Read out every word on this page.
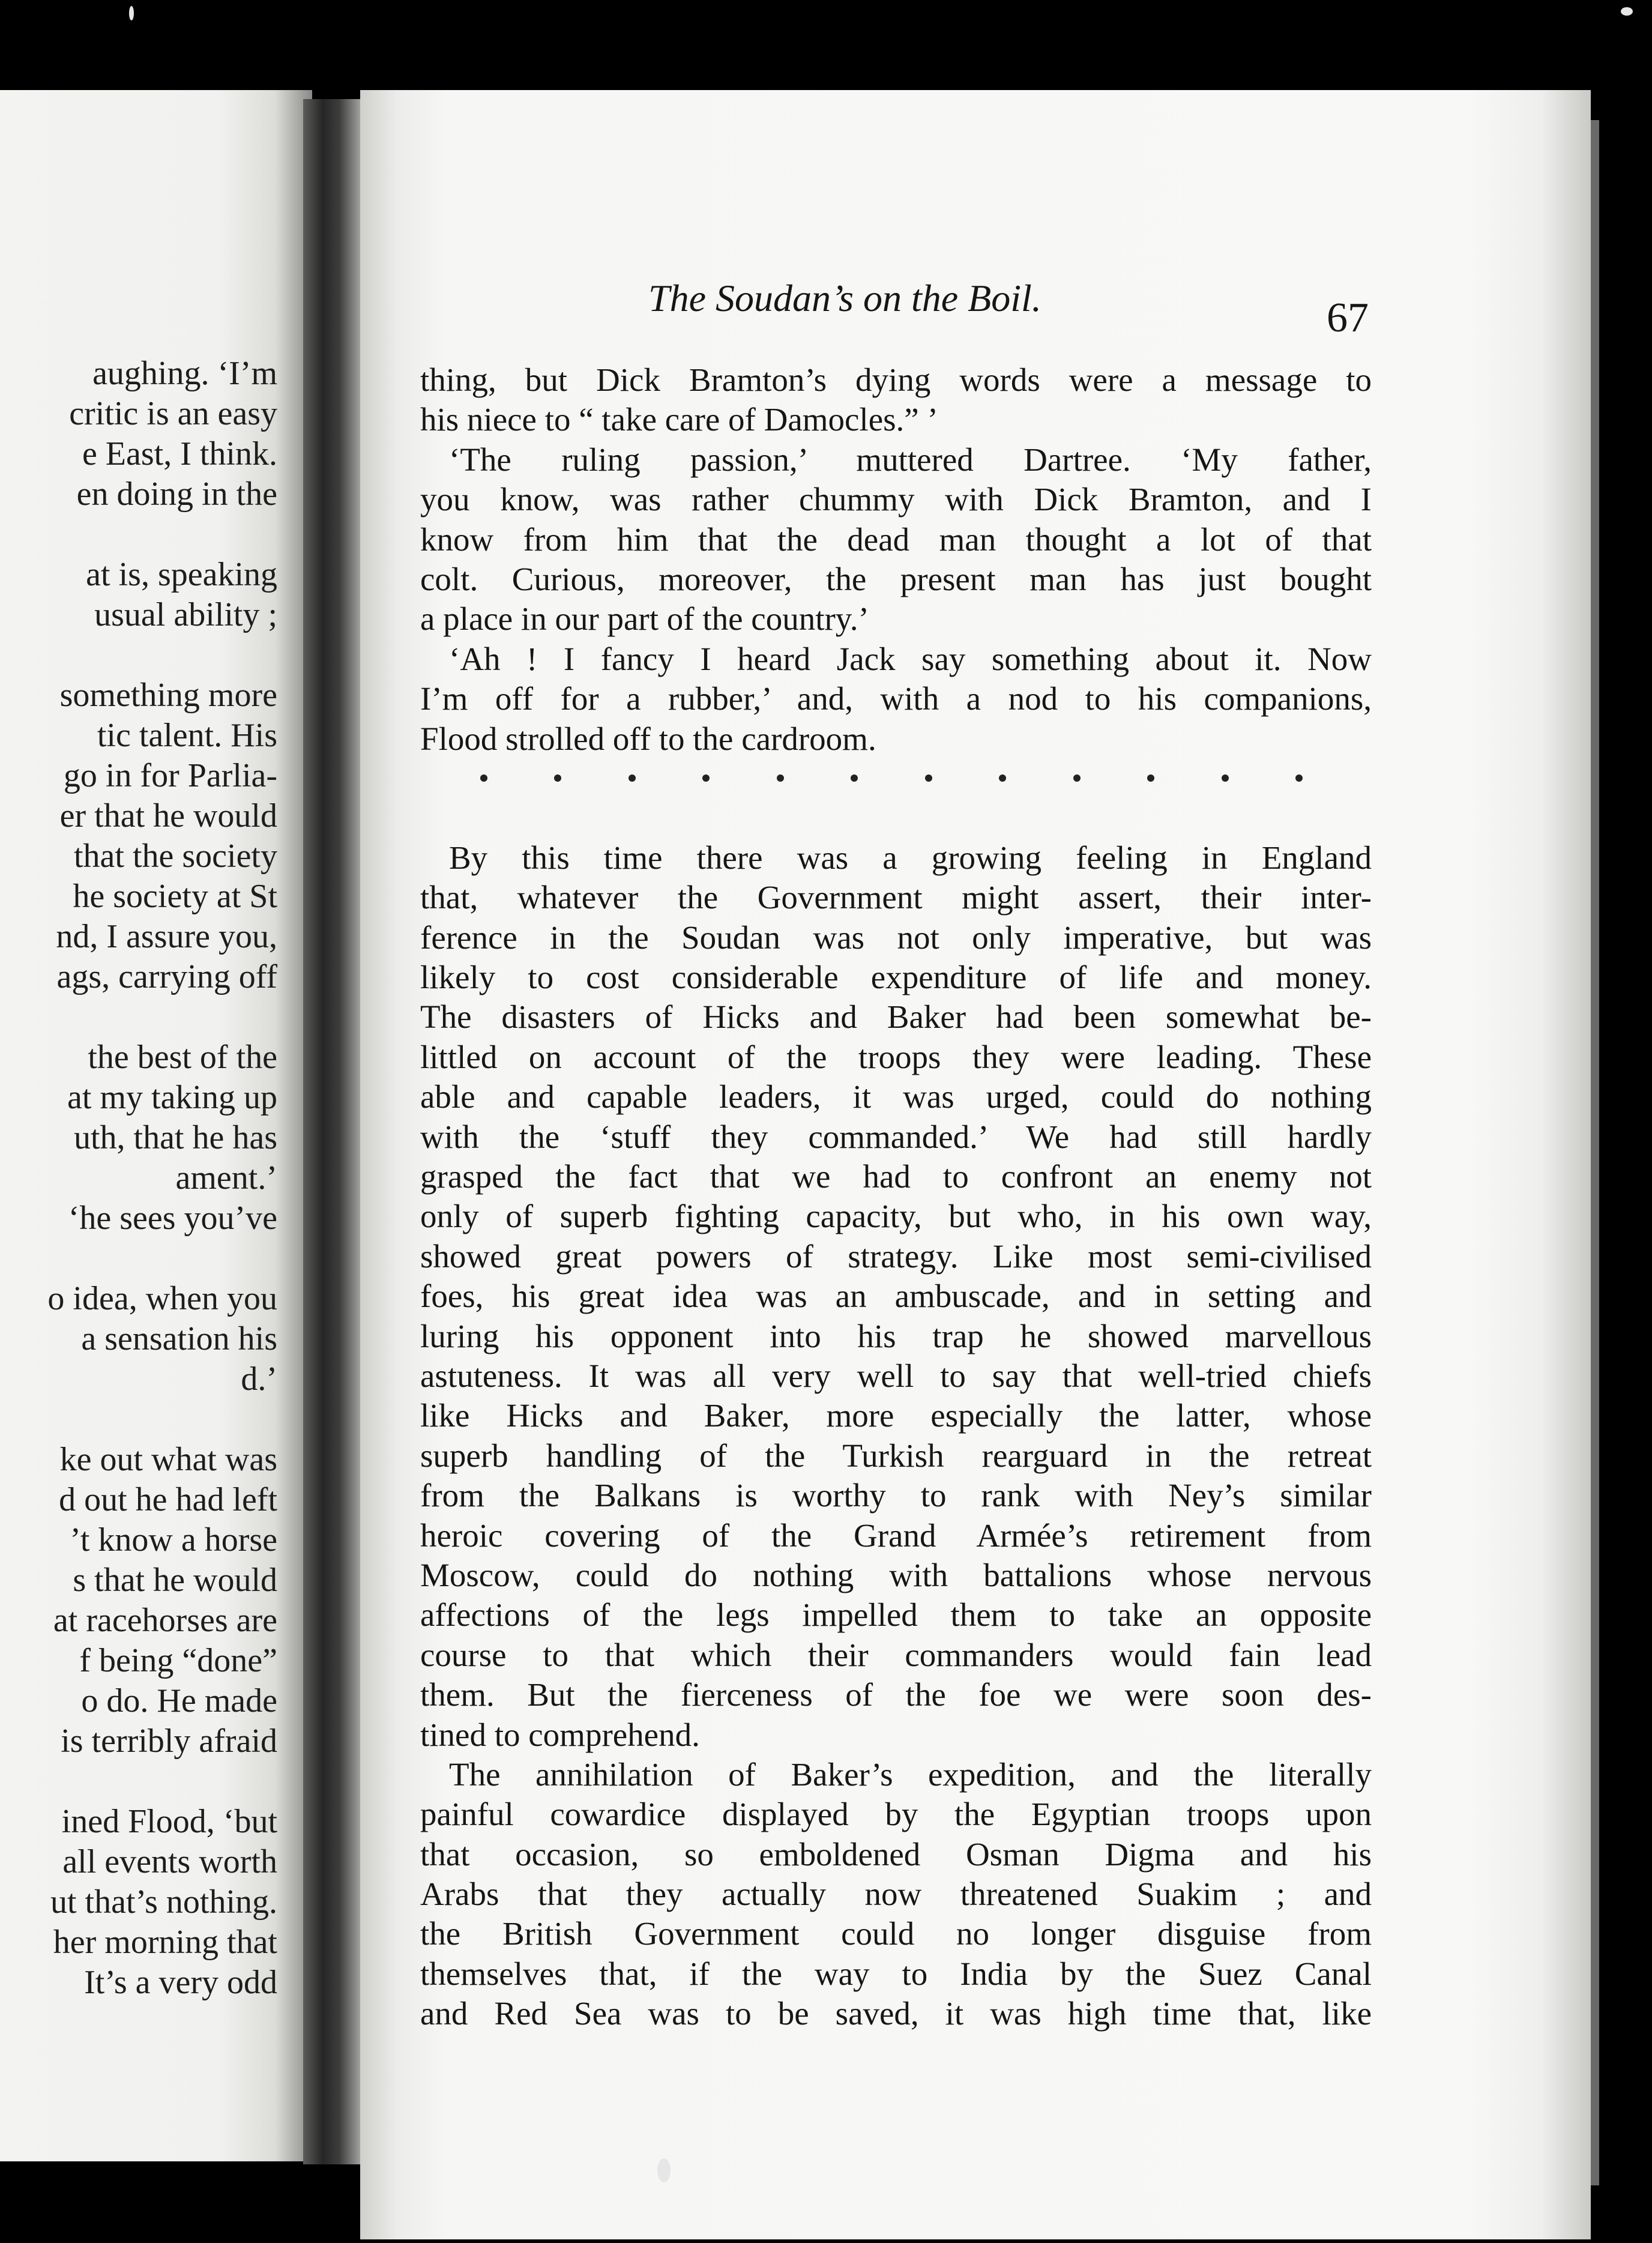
aughing. ‘I’m
critic is an easy
e East, I think.
en doing in the
at is, speaking
usual ability ;
something more
tic talent. His
go in for Parlia-
er that he would
that the society
he society at St
nd, I assure you,
ags, carrying off
the best of the
at my taking up
uth, that he has
ament.’
‘he sees you’ve
o idea, when you
a sensation his
d.’
ke out what was
d out he had left
’t know a horse
s that he would
at racehorses are
f being “done”
o do. He made
is terribly afraid
ined Flood, ‘but
all events worth
ut that’s nothing.
her morning that
It’s a very odd
The Soudan’s on the Boil.	67
thing, but Dick Bramton’s dying words were a message to
his niece to “ take care of Damocles.” ’
‘The ruling passion,’ muttered Dartree. ‘My father,
you know, was rather chummy with Dick Bramton, and I
know from him that the dead man thought a lot of that
colt. Curious, moreover, the present man has just bought
a place in our part of the country.’
‘Ah ! I fancy I heard Jack say something about it. Now
I’m off for a rubber,’ and, with a nod to his companions,
Flood strolled off to the cardroom.
By this time there was a growing feeling in England
that, whatever the Government might assert, their inter-
ference in the Soudan was not only imperative, but was
likely to cost considerable expenditure of life and money.
The disasters of Hicks and Baker had been somewhat be-
littled on account of the troops they were leading. These
able and capable leaders, it was urged, could do nothing
with the ‘stuff they commanded.’ We had still hardly
grasped the fact that we had to confront an enemy not
only of superb fighting capacity, but who, in his own way,
showed great powers of strategy. Like most semi-civilised
foes, his great idea was an ambuscade, and in setting and
luring his opponent into his trap he showed marvellous
astuteness. It was all very well to say that well-tried chiefs
like Hicks and Baker, more especially the latter, whose
superb handling of the Turkish rearguard in the retreat
from the Balkans is worthy to rank with Ney’s similar
heroic covering of the Grand Armée’s retirement from
Moscow, could do nothing with battalions whose nervous
affections of the legs impelled them to take an opposite
course to that which their commanders would fain lead
them. But the fierceness of the foe we were soon des-
tined to comprehend.
The annihilation of Baker’s expedition, and the literally
painful cowardice displayed by the Egyptian troops upon
that occasion, so emboldened Osman Digma and his
Arabs that they actually now threatened Suakim ; and
the British Government could no longer disguise from
themselves that, if the way to India by the Suez Canal
and Red Sea was to be saved, it was high time that, like
